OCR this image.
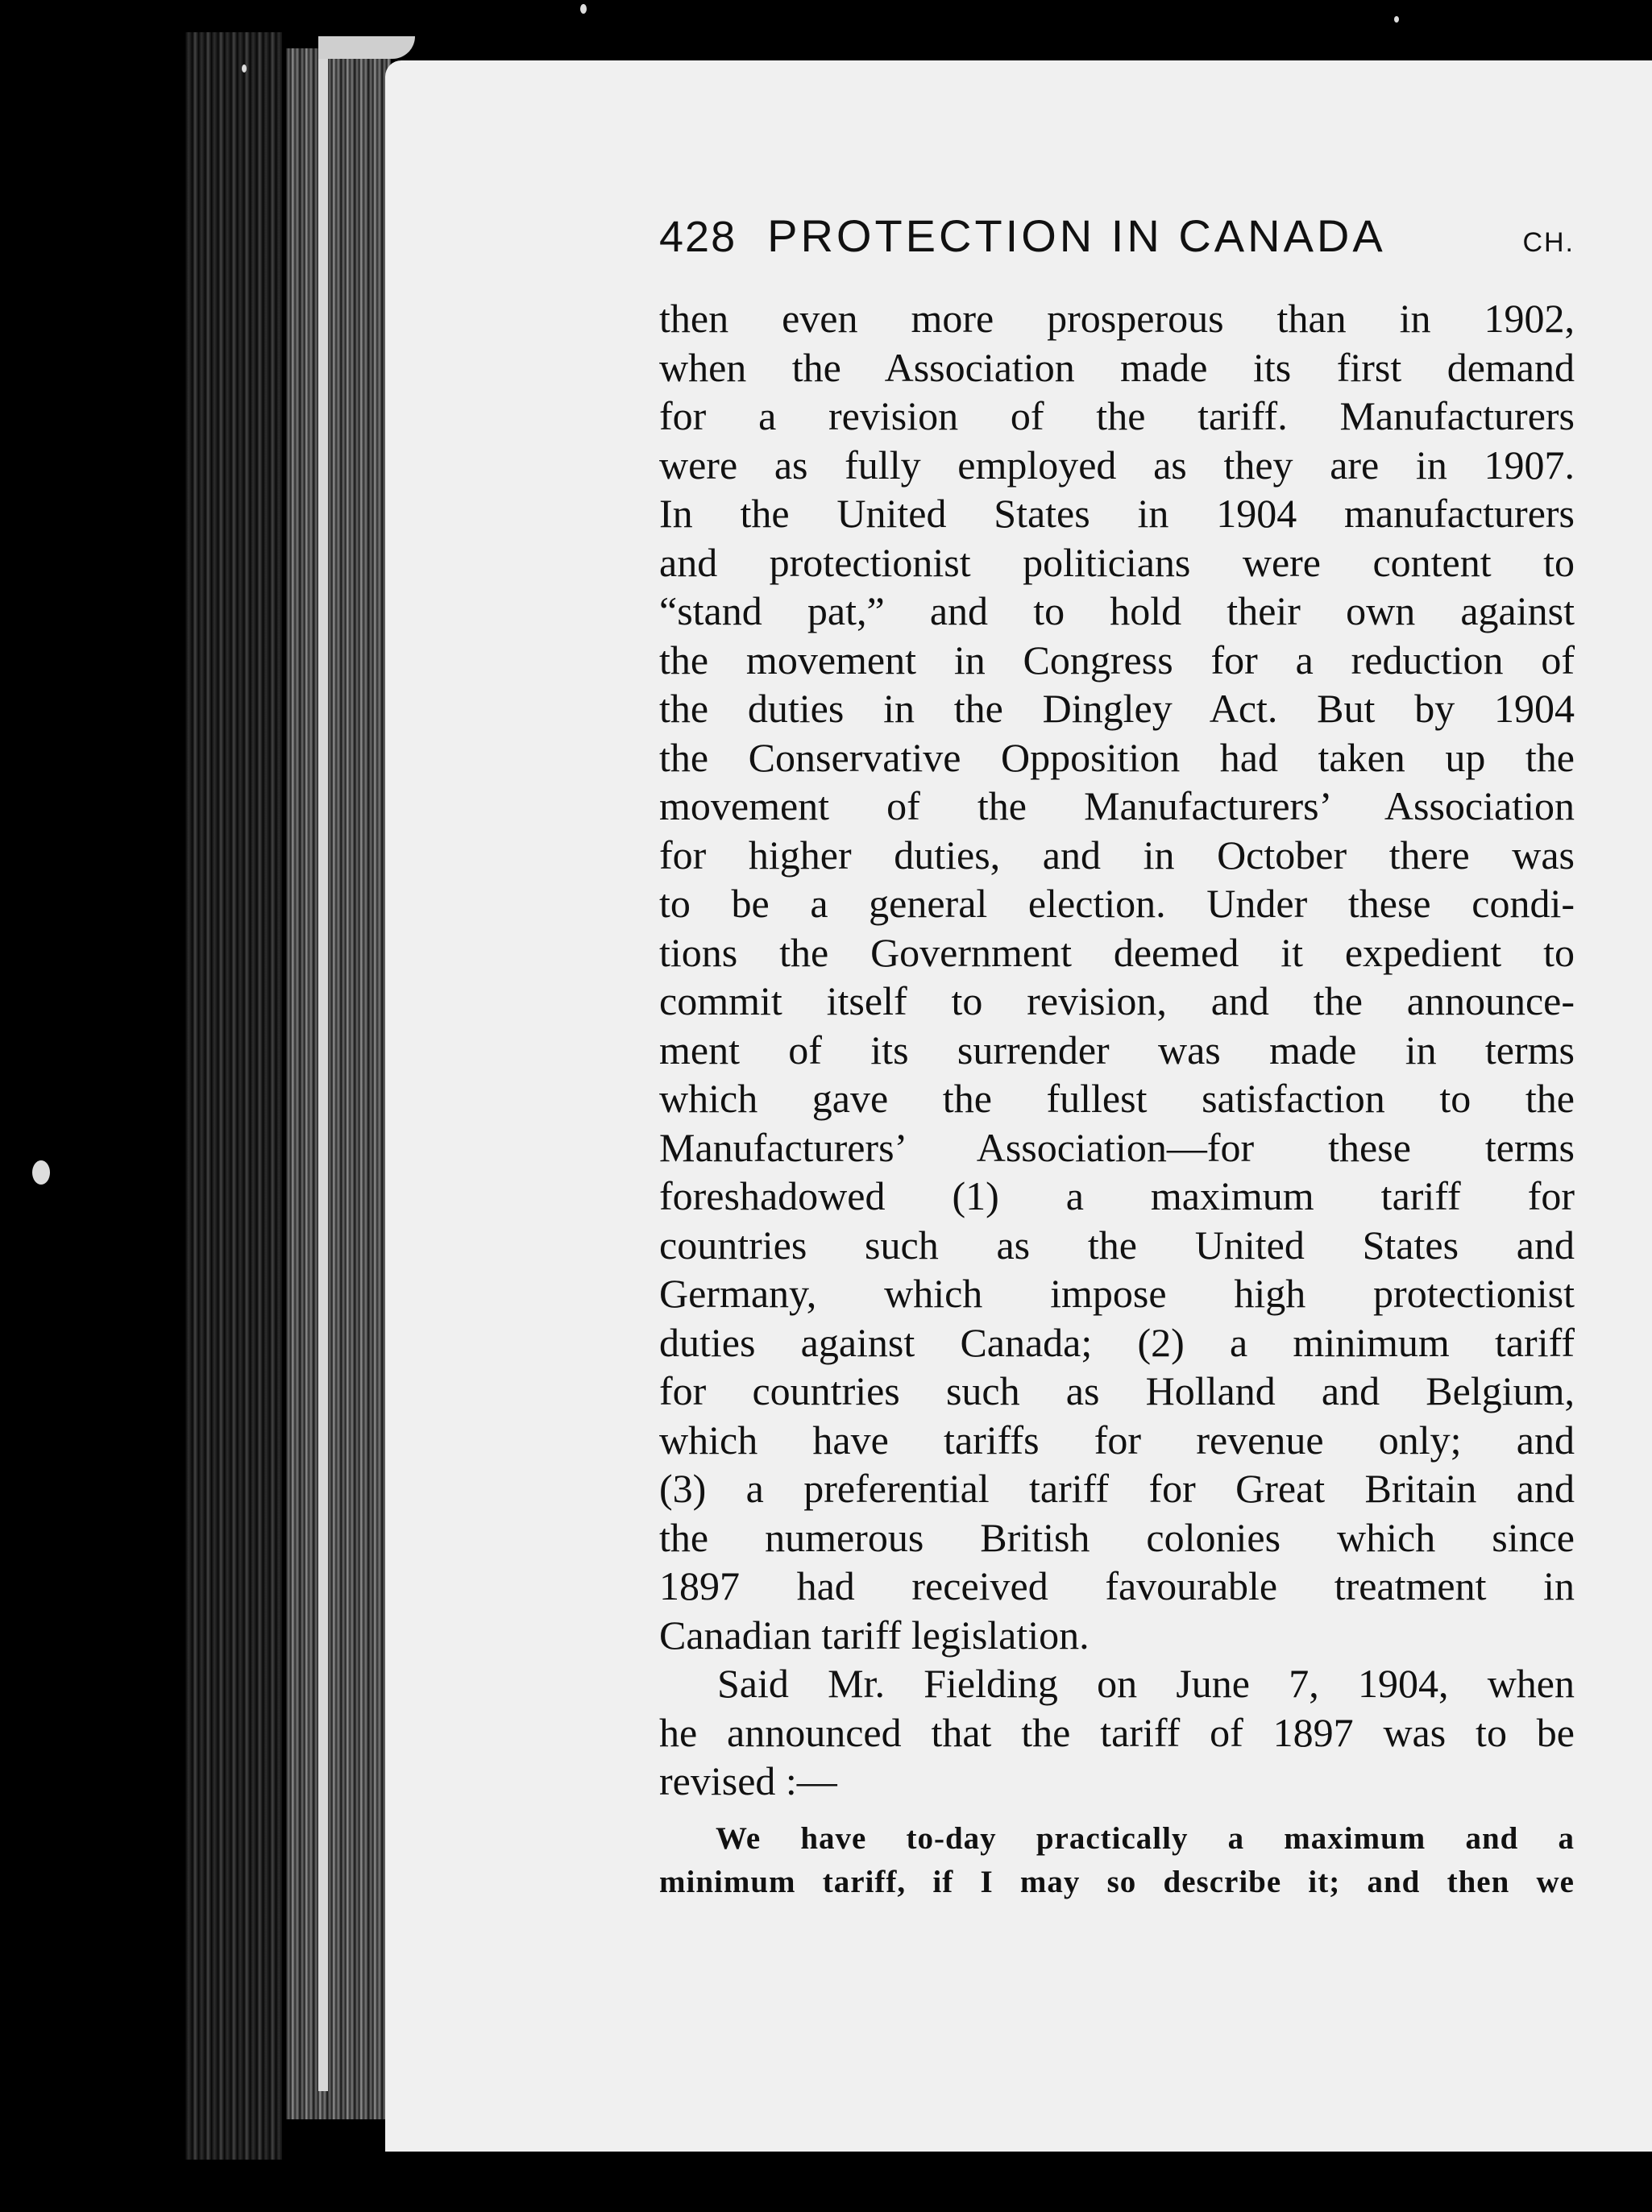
428 PROTECTION IN CANADA	CH.
then even more prosperous than in 1902,
when the Association made its first demand
for a revision of the tariff. Manufacturers
were as fully employed as they are in 1907.
In the United States in 1904 manufacturers
and protectionist politicians were content to
“stand pat,” and to hold their own against
the movement in Congress for a reduction of
the duties in the Dingley Act. But by 1904
the Conservative Opposition had taken up the
movement of the Manufacturers’ Association
for higher duties, and in October there was
to be a general election. Under these condi-
tions the Government deemed it expedient to
commit itself to revision, and the announce-
ment of its surrender was made in terms
which gave the fullest satisfaction to the
Manufacturers’ Association—for these terms
foreshadowed (1) a maximum tariff for
countries such as the United States and
Germany, which impose high protectionist
duties against Canada; (2) a minimum tariff
for countries such as Holland and Belgium,
which have tariffs for revenue only; and
(3) a preferential tariff for Great Britain and
the numerous British colonies which since
1897 had received favourable treatment in
Canadian tariff legislation.
Said Mr. Fielding on June 7, 1904, when
he announced that the tariff of 1897 was to be
revised :—
We have to-day practically a maximum and a
minimum tariff, if I may so describe it; and then we
